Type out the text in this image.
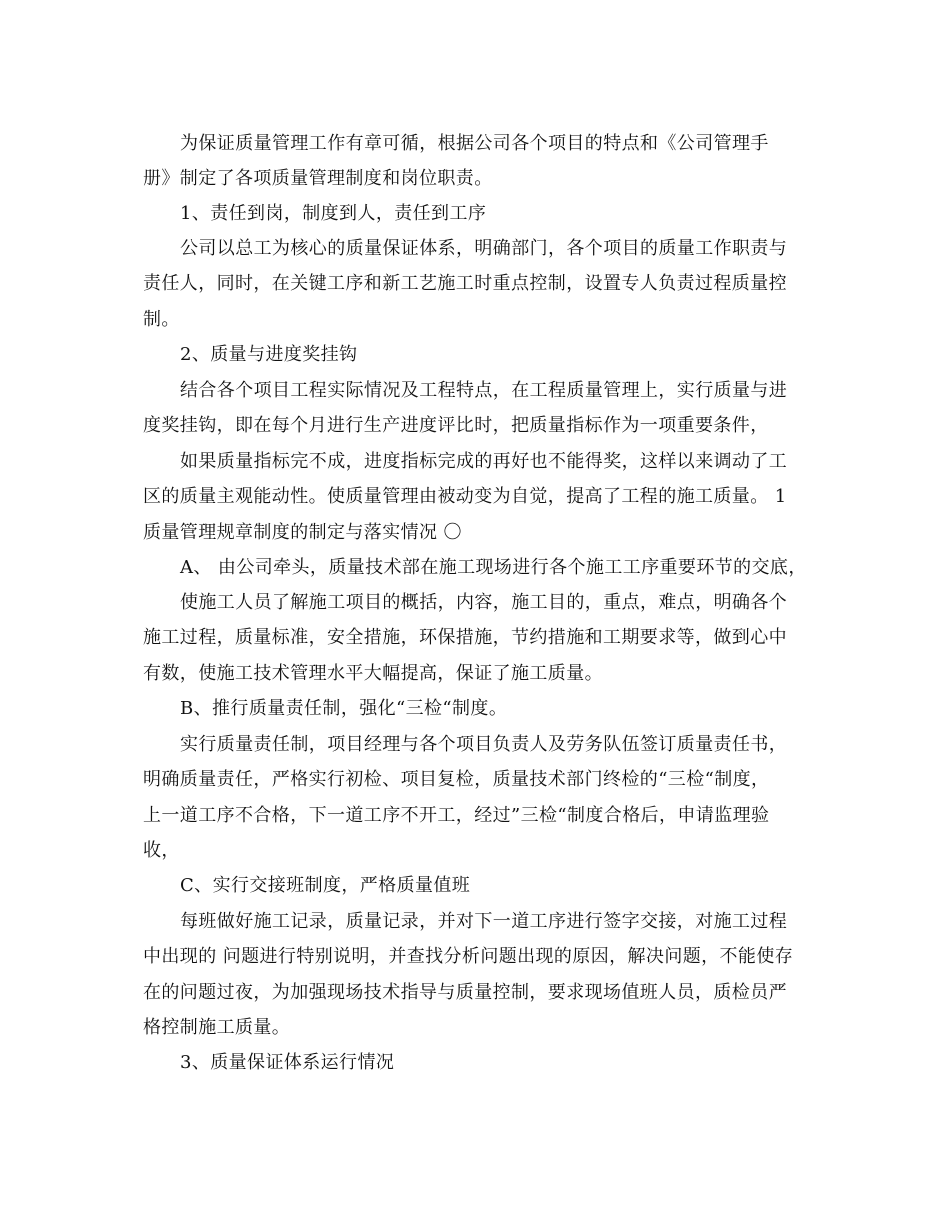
为保证质量管理工作有章可循，根据公司各个项目的特点和《公司管理手

册》制定了各项质量管理制度和岗位职责。

1、责任到岗，制度到人，责任到工序

公司以总工为核心的质量保证体系，明确部门，各个项目的质量工作职责与

责任人，同时，在关键工序和新工艺施工时重点控制，设置专人负责过程质量控

制。

2、质量与进度奖挂钩

结合各个项目工程实际情况及工程特点，在工程质量管理上，实行质量与进

度奖挂钩，即在每个月进行生产进度评比时，把质量指标作为一项重要条件，

如果质量指标完不成，进度指标完成的再好也不能得奖，这样以来调动了工

区的质量主观能动性。使质量管理由被动变为自觉，提高了工程的施工质量。 1

质量管理规章制度的制定与落实情况 〇

A、 由公司牵头，质量技术部在施工现场进行各个施工工序重要环节的交底，

使施工人员了解施工项目的概括，内容，施工目的，重点，难点，明确各个

施工过程，质量标准，安全措施，环保措施，节约措施和工期要求等，做到心中

有数，使施工技术管理水平大幅提高，保证了施工质量。

B、推行质量责任制，强化“三检“制度。

实行质量责任制，项目经理与各个项目负责人及劳务队伍签订质量责任书，

明确质量责任，严格实行初检、项目复检，质量技术部门终检的“三检“制度，

上一道工序不合格，下一道工序不开工，经过”三检“制度合格后，申请监理验

收，

C、实行交接班制度，严格质量值班

每班做好施工记录，质量记录，并对下一道工序进行签字交接，对施工过程

中出现的 问题进行特别说明，并查找分析问题出现的原因，解决问题，不能使存

在的问题过夜，为加强现场技术指导与质量控制，要求现场值班人员，质检员严

格控制施工质量。

3、质量保证体系运行情况
